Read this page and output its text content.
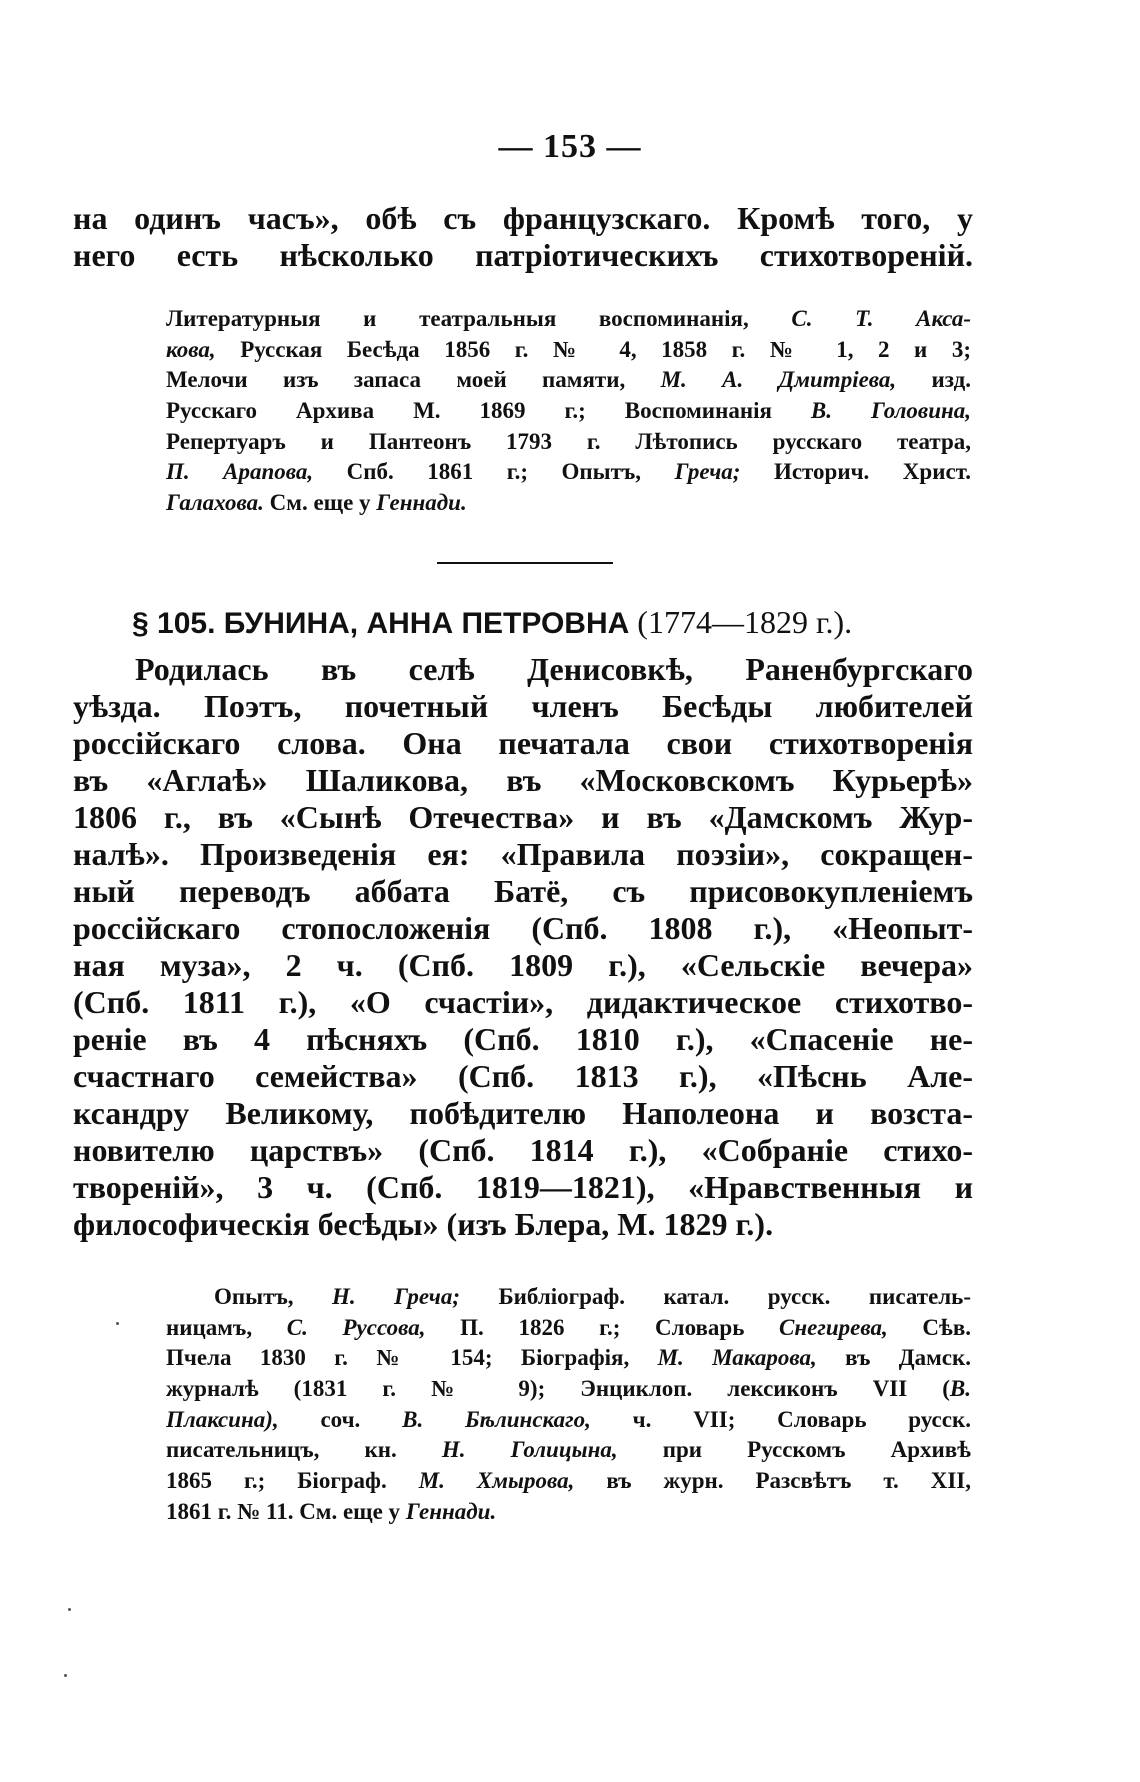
— 153 —
на одинъ часъ», обѣ съ французскаго. Кромѣ того, у
него есть нѣсколько патріотическихъ стихотвореній.
Литературныя и театральныя воспоминанія, С. Т. Акса-
кова, Русская Бесѣда 1856 г. № 4, 1858 г. № 1, 2 и 3;
Мелочи изъ запаса моей памяти, М. А. Дмитріева, изд.
Русскаго Архива М. 1869 г.; Воспоминанія В. Головина,
Репертуаръ и Пантеонъ 1793 г. Лѣтопись русскаго театра,
П. Арапова, Спб. 1861 г.; Опытъ, Греча; Историч. Христ.
Галахова. См. еще у Геннади.
§ 105. БУНИНА, АННА ПЕТРОВНА (1774—1829 г.).
Родилась въ селѣ Денисовкѣ, Раненбургскаго
уѣзда. Поэтъ, почетный членъ Бесѣды любителей
россійскаго слова. Она печатала свои стихотворенія
въ «Аглаѣ» Шаликова, въ «Московскомъ Курьерѣ»
1806 г., въ «Сынѣ Отечества» и въ «Дамскомъ Жур-
налѣ». Произведенія ея: «Правила поэзіи», сокращен-
ный переводъ аббата Батё, съ присовокупленіемъ
россійскаго стопосложенія (Спб. 1808 г.), «Неопыт-
ная муза», 2 ч. (Спб. 1809 г.), «Сельскіе вечера»
(Спб. 1811 г.), «О счастіи», дидактическое стихотво-
реніе въ 4 пѣсняхъ (Спб. 1810 г.), «Спасеніе не-
счастнаго семейства» (Спб. 1813 г.), «Пѣснь Але-
ксандру Великому, побѣдителю Наполеона и возста-
новителю царствъ» (Спб. 1814 г.), «Собраніе стихо-
твореній», 3 ч. (Спб. 1819—1821), «Нравственныя и
философическія бесѣды» (изъ Блера, М. 1829 г.).
Опытъ, Н. Греча; Библіограф. катал. русск. писатель-
ницамъ, С. Руссова, П. 1826 г.; Словарь Снегирева, Сѣв.
Пчела 1830 г. № 154; Біографія, М. Макарова, въ Дамск.
журналѣ (1831 г. № 9); Энциклоп. лексиконъ VII (В.
Плаксина), соч. В. Бѣлинскаго, ч. VII; Словарь русск.
писательницъ, кн. Н. Голицына, при Русскомъ Архивѣ
1865 г.; Біограф. М. Хмырова, въ журн. Разсвѣтъ т. XII,
1861 г. № 11. См. еще у Геннади.
